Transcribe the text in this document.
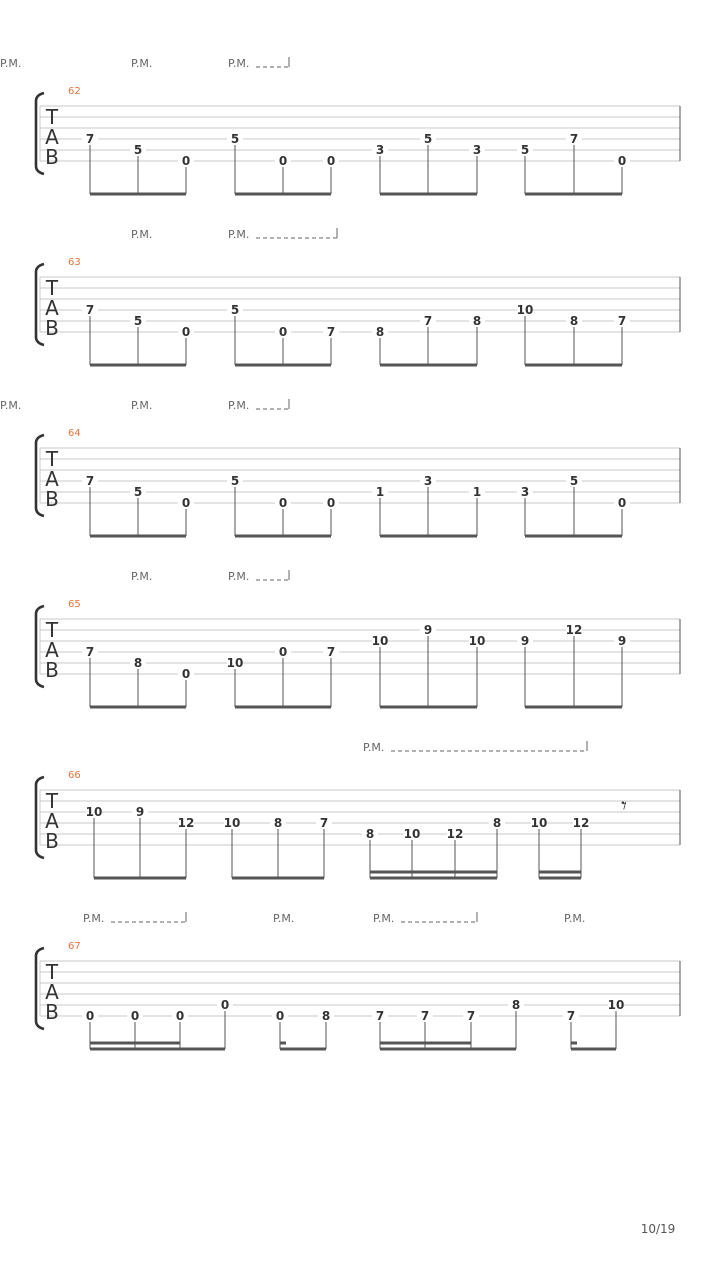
T
A
B
62
P.M.	P.M.
P.M.
7
5
0
5
0	0
3
5
3	5
7
0
T
A
B
63
P.M.	P.M.
7
5
0
5
0	7	8
7	8
10
8	7
T
A
B
64
P.M.	P.M.
P.M.
7
5
0
5
0	0
1
3
1	3
5
0
T
A
B
65
P.M.	P.M.
7
8
0
10
0	7
10
9
10	9
12
9
T
A
B
66
P.M.
𝄾
10	9
12 10	8	7
8 10 12
8 10 12
T
A
B
67
P.M.	P.M.	P.M.	P.M.
0	0	0
0
0	8	7	7	7
8
7
10
10/19
